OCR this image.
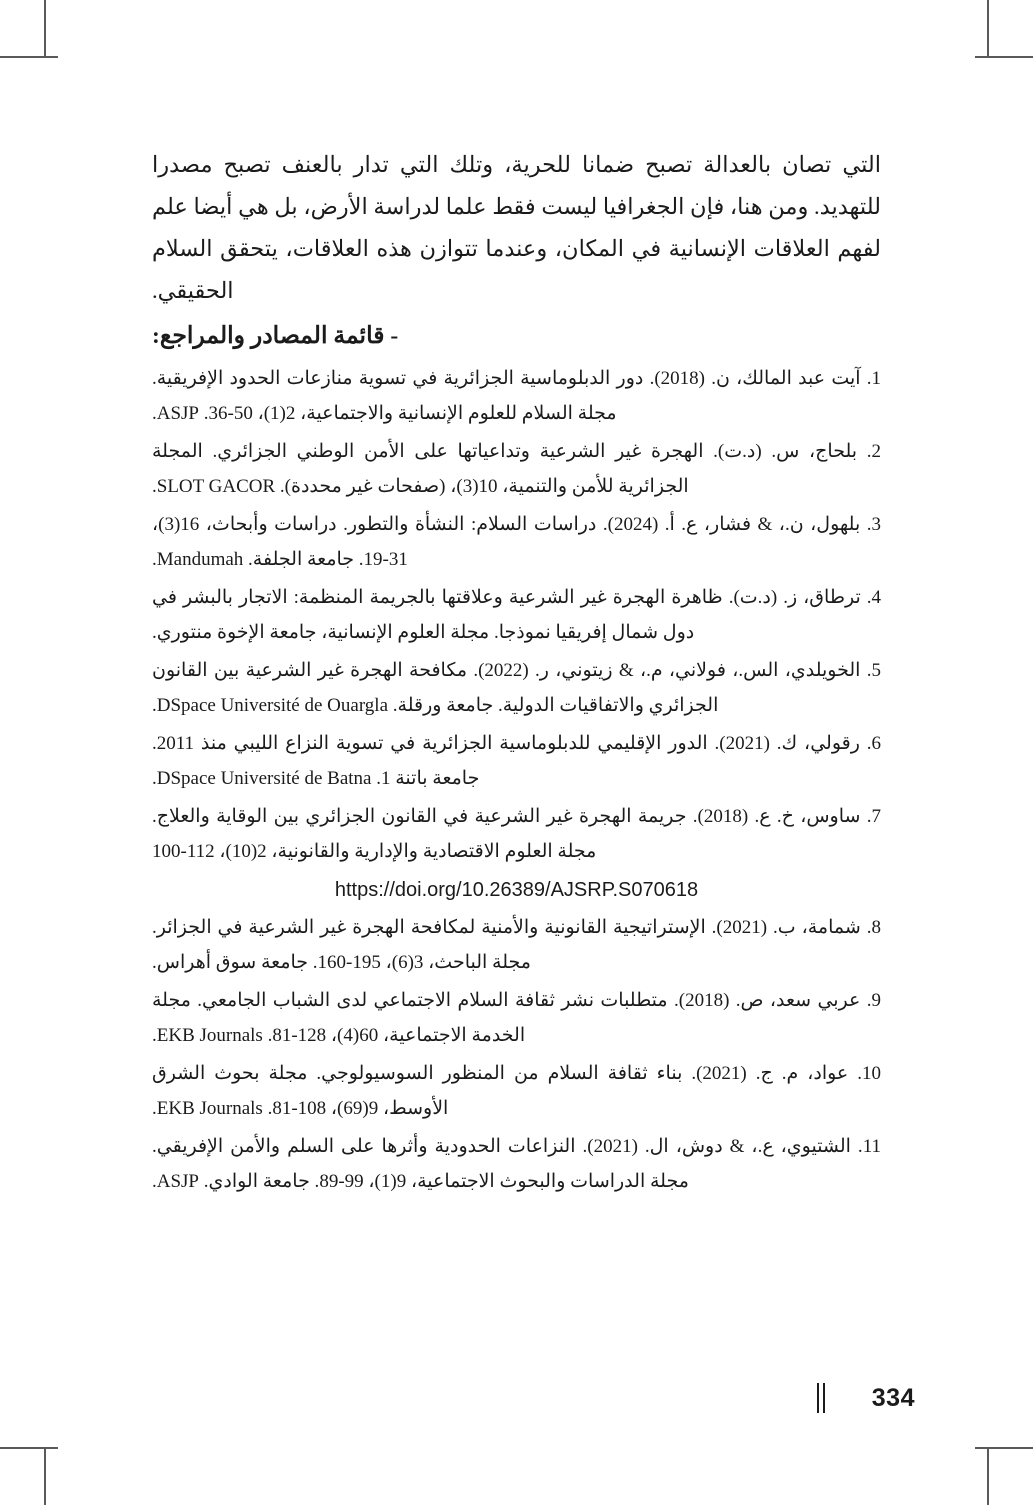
التي تصان بالعدالة تصبح ضمانا للحرية، وتلك التي تدار بالعنف تصبح مصدرا للتهديد. ومن هنا، فإن الجغرافيا ليست فقط علما لدراسة الأرض، بل هي أيضا علم لفهم العلاقات الإنسانية في المكان، وعندما تتوازن هذه العلاقات، يتحقق السلام الحقيقي.

- قائمة المصادر والمراجع:
1. آيت عبد المالك، ن. (2018). دور الدبلوماسية الجزائرية في تسوية منازعات الحدود الإفريقية. مجلة السلام للعلوم الإنسانية والاجتماعية، 2(1)، 50-36. ASJP.
2. بلحاج، س. (د.ت). الهجرة غير الشرعية وتداعياتها على الأمن الوطني الجزائري. المجلة الجزائرية للأمن والتنمية، 10(3)، (صفحات غير محددة). SLOT GACOR.
3. بلهول، ن.، & فشار، ع. أ. (2024). دراسات السلام: النشأة والتطور. دراسات وأبحاث، 16(3)، 31-19. جامعة الجلفة. Mandumah.
4. ترطاق، ز. (د.ت). ظاهرة الهجرة غير الشرعية وعلاقتها بالجريمة المنظمة: الاتجار بالبشر في دول شمال إفريقيا نموذجا. مجلة العلوم الإنسانية، جامعة الإخوة منتوري.
5. الخويلدي، الس.، فولاني، م.، & زيتوني، ر. (2022). مكافحة الهجرة غير الشرعية بين القانون الجزائري والاتفاقيات الدولية. جامعة ورقلة. DSpace Université de Ouargla.
6. رقولي، ك. (2021). الدور الإقليمي للدبلوماسية الجزائرية في تسوية النزاع الليبي منذ 2011. جامعة باتنة 1. DSpace Université de Batna.
7. ساوس، خ. ع. (2018). جريمة الهجرة غير الشرعية في القانون الجزائري بين الوقاية والعلاج. مجلة العلوم الاقتصادية والإدارية والقانونية، 2(10)، 112-100
https://doi.org/10.26389/AJSRP.S070618
8. شمامة، ب. (2021). الإستراتيجية القانونية والأمنية لمكافحة الهجرة غير الشرعية في الجزائر. مجلة الباحث، 3(6)، 195-160. جامعة سوق أهراس.
9. عربي سعد، ص. (2018). متطلبات نشر ثقافة السلام الاجتماعي لدى الشباب الجامعي. مجلة الخدمة الاجتماعية، 60(4)، 128-81. EKB Journals.
10. عواد، م. ج. (2021). بناء ثقافة السلام من المنظور السوسيولوجي. مجلة بحوث الشرق الأوسط، 9(69)، 108-81. EKB Journals.
11. الشتيوي، ع.، & دوش، ال. (2021). النزاعات الحدودية وأثرها على السلم والأمن الإفريقي. مجلة الدراسات والبحوث الاجتماعية، 9(1)، 99-89. جامعة الوادي. ASJP.
334
